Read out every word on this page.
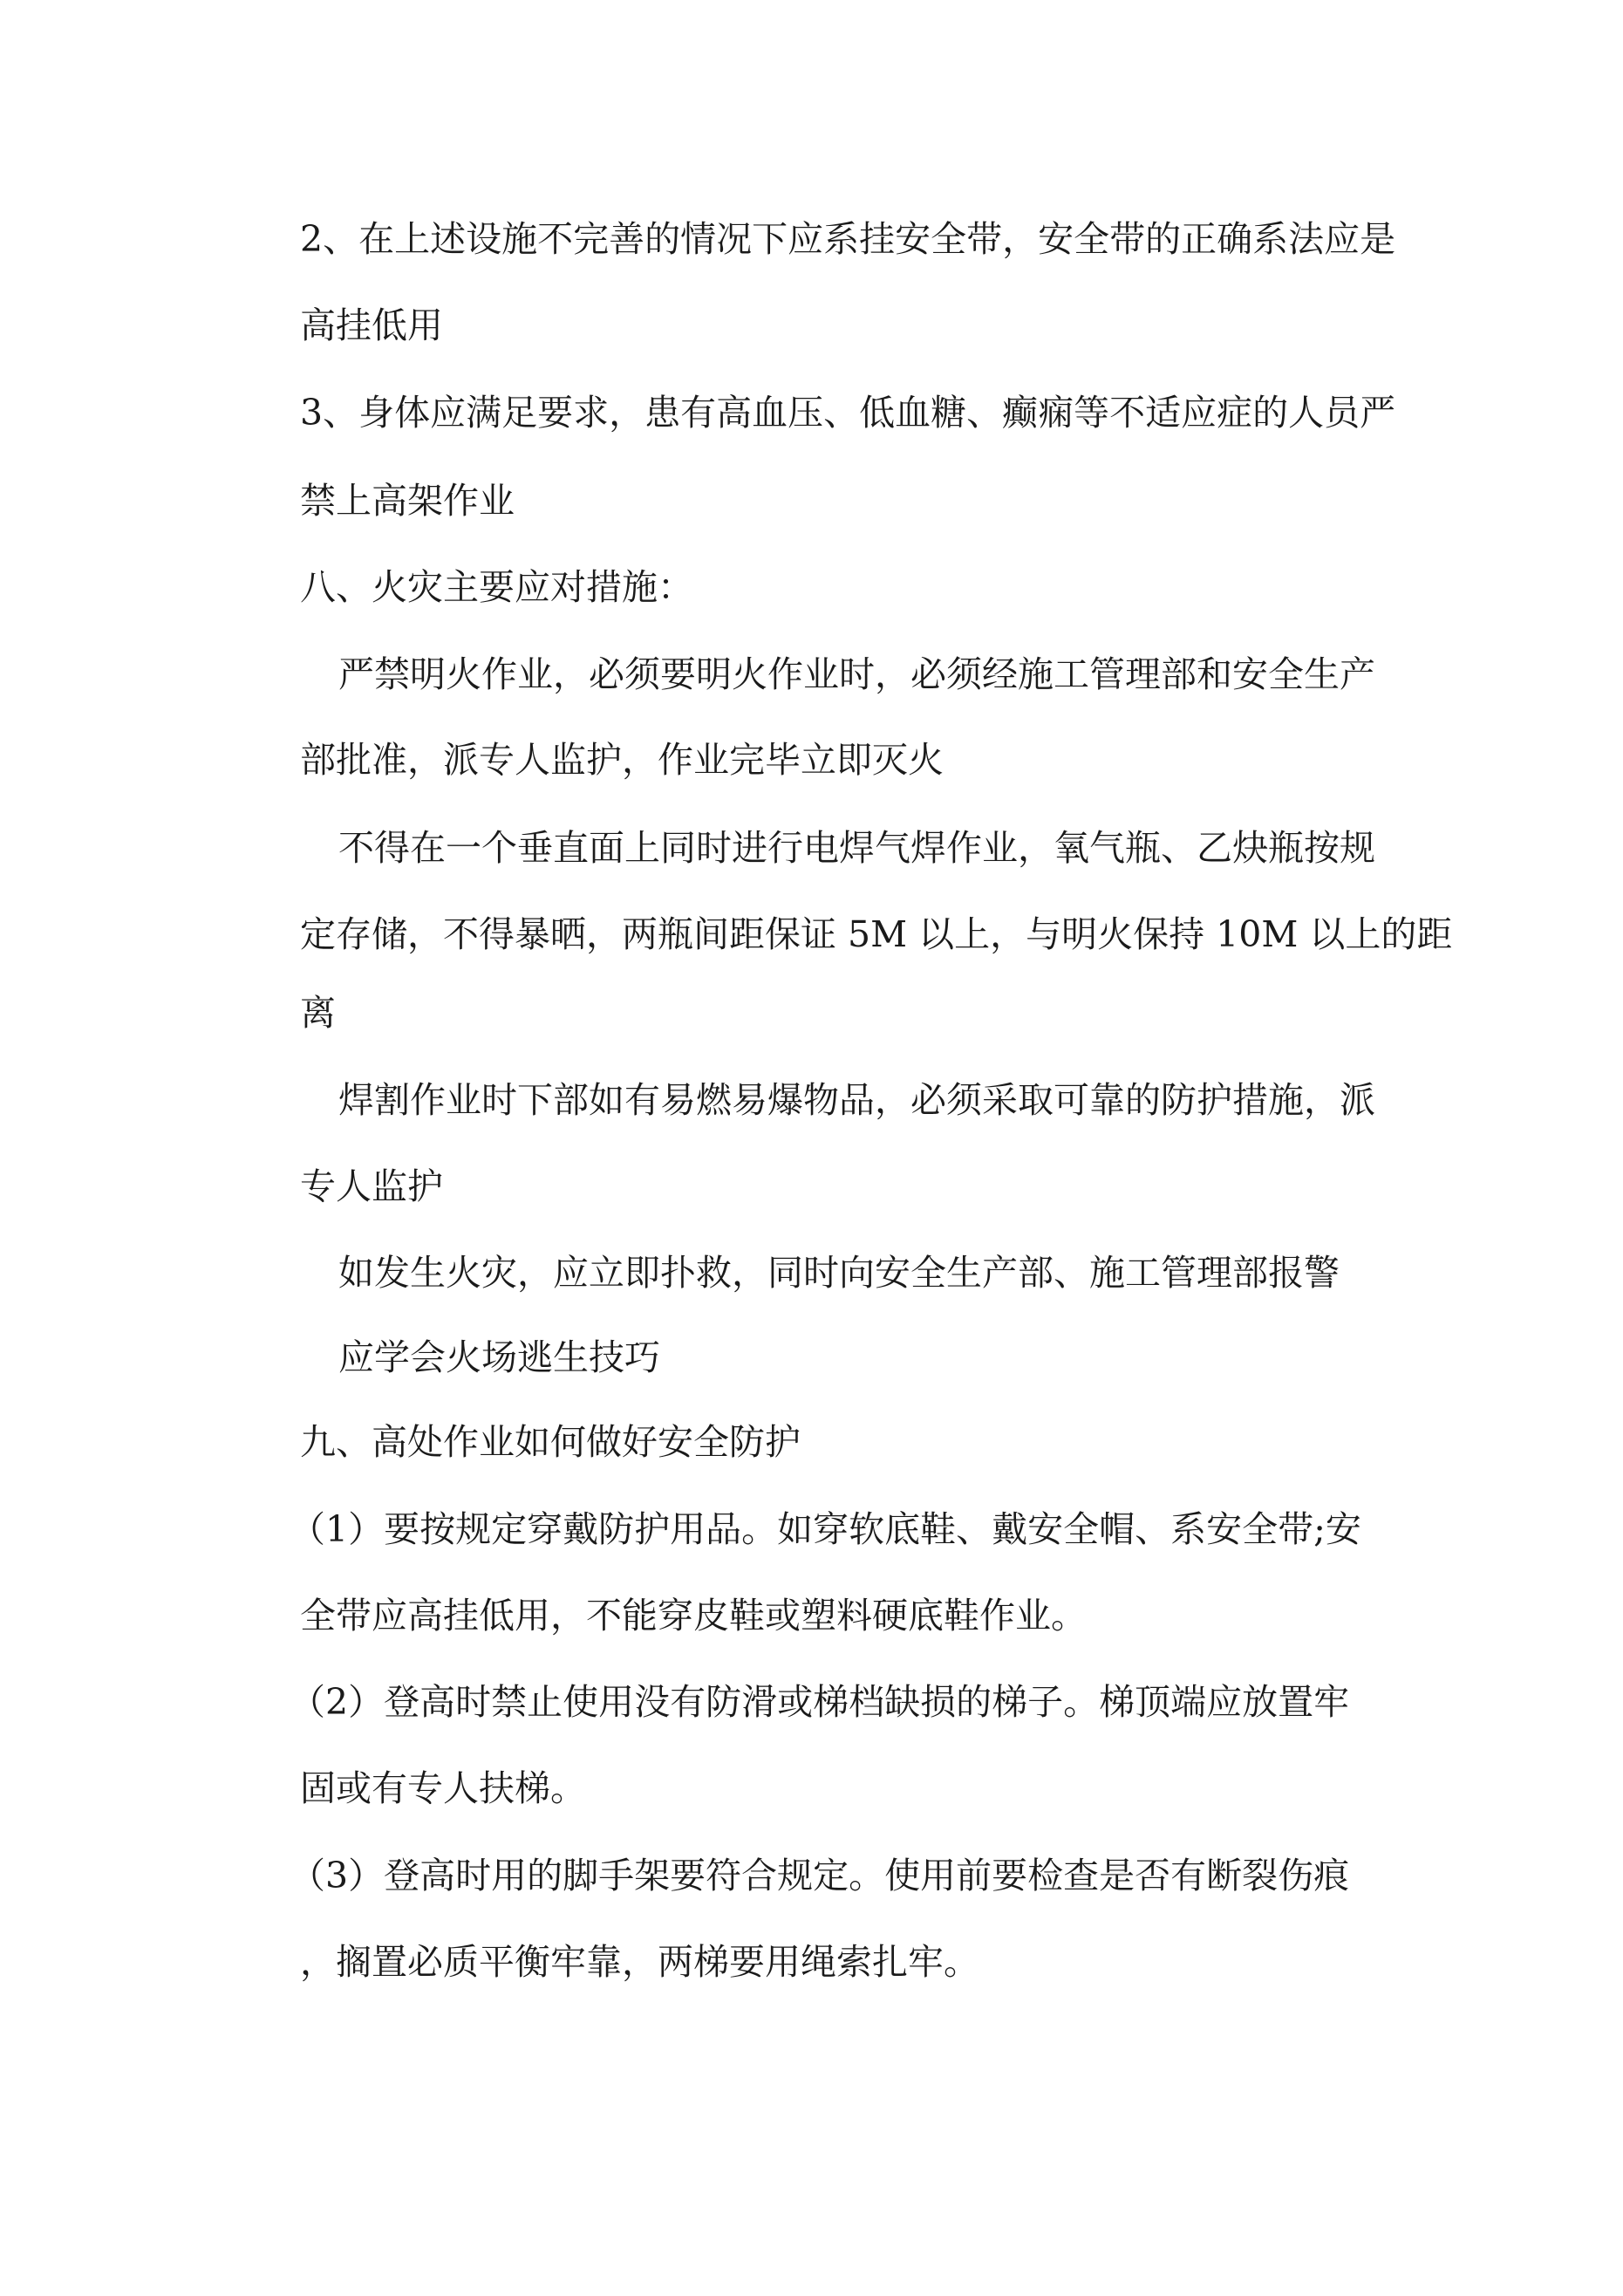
2、在上述设施不完善的情况下应系挂安全带，安全带的正确系法应是
高挂低用
3、身体应满足要求，患有高血压、低血糖、癫痫等不适应症的人员严
禁上高架作业
八、火灾主要应对措施：
严禁明火作业，必须要明火作业时，必须经施工管理部和安全生产
部批准，派专人监护，作业完毕立即灭火
不得在一个垂直面上同时进行电焊气焊作业，氧气瓶、乙炔瓶按规
定存储，不得暴晒，两瓶间距保证 5M 以上，与明火保持 10M 以上的距
离
焊割作业时下部如有易燃易爆物品，必须采取可靠的防护措施，派
专人监护
如发生火灾，应立即扑救，同时向安全生产部、施工管理部报警
应学会火场逃生技巧
九、高处作业如何做好安全防护
（1）要按规定穿戴防护用品。如穿软底鞋、戴安全帽、系安全带;安
全带应高挂低用，不能穿皮鞋或塑料硬底鞋作业。
（2）登高时禁止使用没有防滑或梯档缺损的梯子。梯顶端应放置牢
固或有专人扶梯。
（3）登高时用的脚手架要符合规定。使用前要检查是否有断裂伤痕
，搁置必质平衡牢靠，两梯要用绳索扎牢。
